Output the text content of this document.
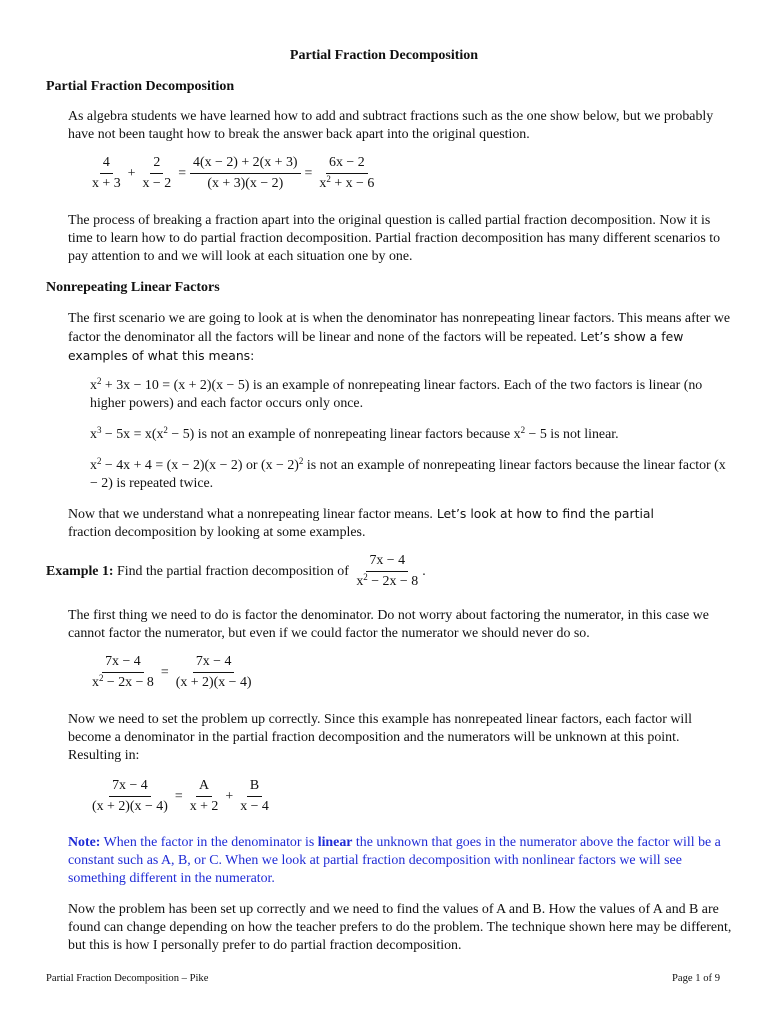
Partial Fraction Decomposition
Partial Fraction Decomposition

As algebra students we have learned how to add and subtract fractions such as the one show below, but we probably have not been taught how to break the answer back apart into the original question.

$\frac{4}{x + 3} + \frac{2}{x - 2} = \frac{4(x - 2) + 2(x + 3)}{(x + 3)(x - 2)} = \frac{6x - 2}{x^2 + x - 6}$

The process of breaking a fraction apart into the original question is called partial fraction decomposition. Now it is time to learn how to do partial fraction decomposition. Partial fraction decomposition has many different scenarios to pay attention to and we will look at each situation one by one.

Nonrepeating Linear Factors

The first scenario we are going to look at is when the denominator has nonrepeating linear factors. This means after we factor the denominator all the factors will be linear and none of the factors will be repeated. Let’s show a few examples of what this means:

$x^2 + 3x - 10 = (x + 2)(x - 5)$ is an example of nonrepeating linear factors. Each of the two factors is linear (no higher powers) and each factor occurs only once.

$x^3 - 5x = x(x^2 - 5)$ is not an example of nonrepeating linear factors because $x^2 - 5$ is not linear.

$x^2 - 4x + 4 = (x - 2)(x - 2)$ or $(x - 2)^2$ is not an example of nonrepeating linear factors because the linear factor (x − 2) is repeated twice.

Now that we understand what a nonrepeating linear factor means. Let’s look at how to find the partial
fraction decomposition by looking at some examples.

Example 1: Find the partial fraction decomposition of $\frac{7x - 4}{x^2 - 2x - 8}$ .

The first thing we need to do is factor the denominator. Do not worry about factoring the numerator, in this case we cannot factor the numerator, but even if we could factor the numerator we should never do so.

$\frac{7x - 4}{x^2 - 2x - 8} = \frac{7x - 4}{(x + 2)(x - 4)}$

Now we need to set the problem up correctly. Since this example has nonrepeated linear factors, each factor will become a denominator in the partial fraction decomposition and the numerators will be unknown at this point. Resulting in:

$\frac{7x - 4}{(x + 2)(x - 4)} = \frac{A}{x + 2} + \frac{B}{x - 4}$

Note: When the factor in the denominator is linear the unknown that goes in the numerator above the factor will be a constant such as A, B, or C. When we look at partial fraction decomposition with nonlinear factors we will see something different in the numerator.

Now the problem has been set up correctly and we need to find the values of A and B. How the values of A and B are found can change depending on how the teacher prefers to do the problem. The technique shown here may be different, but this is how I personally prefer to do partial fraction decomposition.

Partial Fraction Decomposition – Pike	Page 1 of 9
